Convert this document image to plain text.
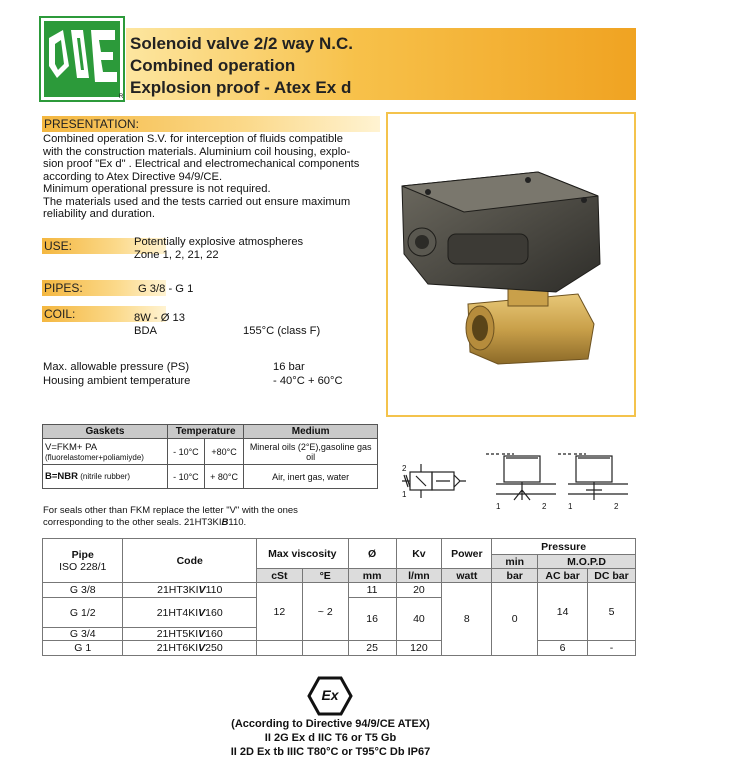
R
21HT3KIV110
÷
21HT6KIV250
Solenoid valve 2/2 way N.C.
Combined operation
Explosion proof - Atex Ex d
PRESENTATION:
Combined operation S.V. for interception of fluids compatible
with the construction materials. Aluminium coil housing, explo-
sion proof "Ex d" . Electrical and electromechanical components
according to Atex Directive 94/9/CE.
Minimum operational pressure is not required.
The materials used and the tests carried out ensure maximum
reliability and duration.
USE:	Potentially explosive atmospheres
Zone 1, 2, 21, 22
PIPES:	G 3/8 - G 1
COIL:	8W - Ø 13
BDA	155°C (class F)
Max. allowable pressure (PS)	16 bar
Housing ambient temperature	- 40°C + 60°C
Gaskets	Temperature		Medium

V=FKM+ PA
(fluorelastomer+poliamiyde)	- 10°C	+80°C	Mineral oils (2°E),gasoline gas oil
B=NBR (nitrile rubber)	- 10°C	+ 80°C	Air, inert gas, water
2
1
1	2	1	2
For seals other than FKM replace the letter "V" with the ones
corresponding to the other seals. 21HT3KIB110.
Pipe
ISO 228/1	Code	Max viscosity		Ø	Kv	Power	Pressure		
							min	M.O.P.D	
		cSt	°E	mm	l/mn	watt	bar	AC bar	DC bar
G 3/8	21HT3KIV110	12	~ 2	11	20	8	0	14	5
G 1/2	21HT4KIV160			16	40				
G 3/4	21HT5KIV160								
G 1	21HT6KIV250			25	120			6	-
Ex
(According to Directive 94/9/CE ATEX)
II 2G Ex d IIC T6 or T5 Gb
II 2D Ex tb IIIC T80°C or T95°C Db IP67
